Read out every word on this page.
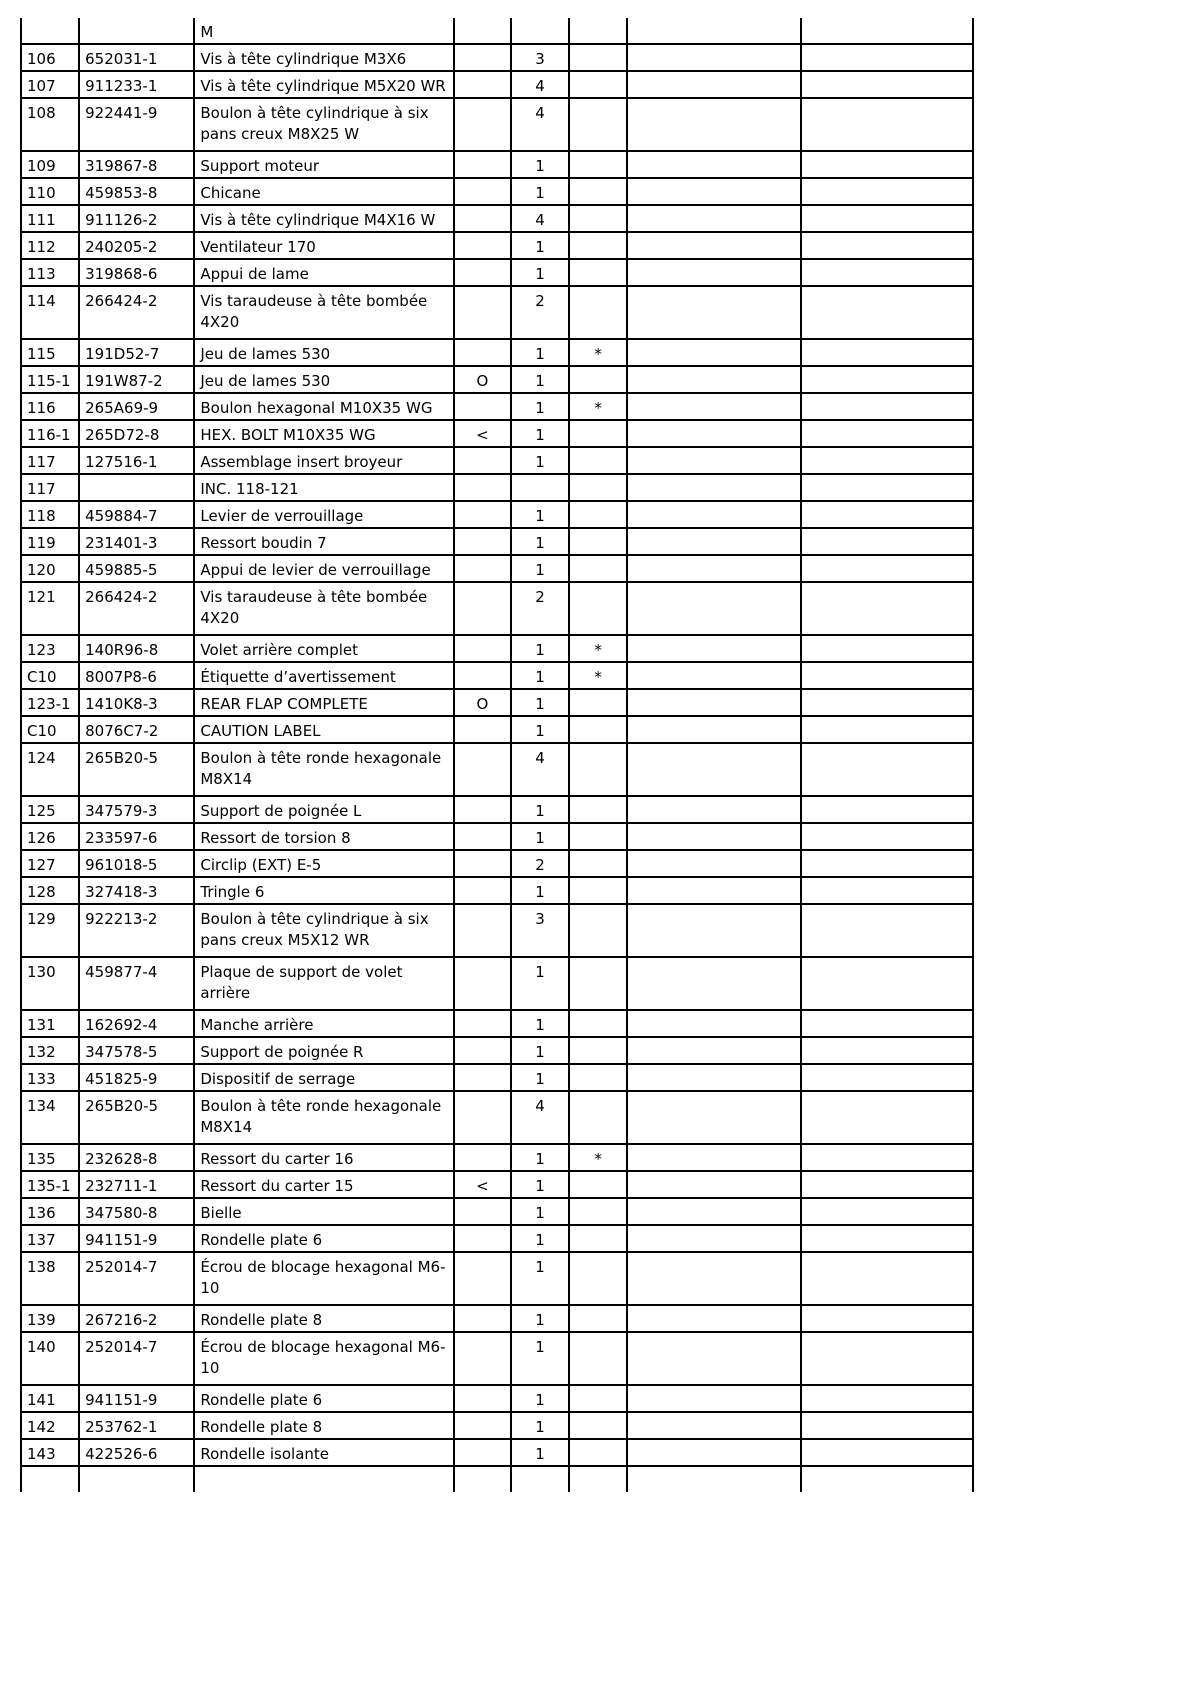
		M					
106	652031-1	Vis à tête cylindrique M3X6		3			
107	911233-1	Vis à tête cylindrique M5X20 WR		4			
108	922441-9	Boulon à tête cylindrique à six pans creux M8X25 W		4			
109	319867-8	Support moteur		1			
110	459853-8	Chicane		1			
111	911126-2	Vis à tête cylindrique M4X16 W		4			
112	240205-2	Ventilateur 170		1			
113	319868-6	Appui de lame		1			
114	266424-2	Vis taraudeuse à tête bombée 4X20		2			
115	191D52-7	Jeu de lames 530		1	*		
115-1	191W87-2	Jeu de lames 530	O	1			
116	265A69-9	Boulon hexagonal M10X35 WG		1	*		
116-1	265D72-8	HEX. BOLT M10X35 WG	<	1			
117	127516-1	Assemblage insert broyeur		1			
117		INC. 118-121					
118	459884-7	Levier de verrouillage		1			
119	231401-3	Ressort boudin 7		1			
120	459885-5	Appui de levier de verrouillage		1			
121	266424-2	Vis taraudeuse à tête bombée 4X20		2			
123	140R96-8	Volet arrière complet		1	*		
C10	8007P8-6	Étiquette d’avertissement		1	*		
123-1	1410K8-3	REAR FLAP COMPLETE	O	1			
C10	8076C7-2	CAUTION LABEL		1			
124	265B20-5	Boulon à tête ronde hexagonale M8X14		4			
125	347579-3	Support de poignée L		1			
126	233597-6	Ressort de torsion 8		1			
127	961018-5	Circlip (EXT) E-5		2			
128	327418-3	Tringle 6		1			
129	922213-2	Boulon à tête cylindrique à six pans creux M5X12 WR		3			
130	459877-4	Plaque de support de volet arrière		1			
131	162692-4	Manche arrière		1			
132	347578-5	Support de poignée R		1			
133	451825-9	Dispositif de serrage		1			
134	265B20-5	Boulon à tête ronde hexagonale M8X14		4			
135	232628-8	Ressort du carter 16		1	*		
135-1	232711-1	Ressort du carter 15	<	1			
136	347580-8	Bielle		1			
137	941151-9	Rondelle plate 6		1			
138	252014-7	Écrou de blocage hexagonal M6-10		1			
139	267216-2	Rondelle plate 8		1			
140	252014-7	Écrou de blocage hexagonal M6-10		1			
141	941151-9	Rondelle plate 6		1			
142	253762-1	Rondelle plate 8		1			
143	422526-6	Rondelle isolante		1			
